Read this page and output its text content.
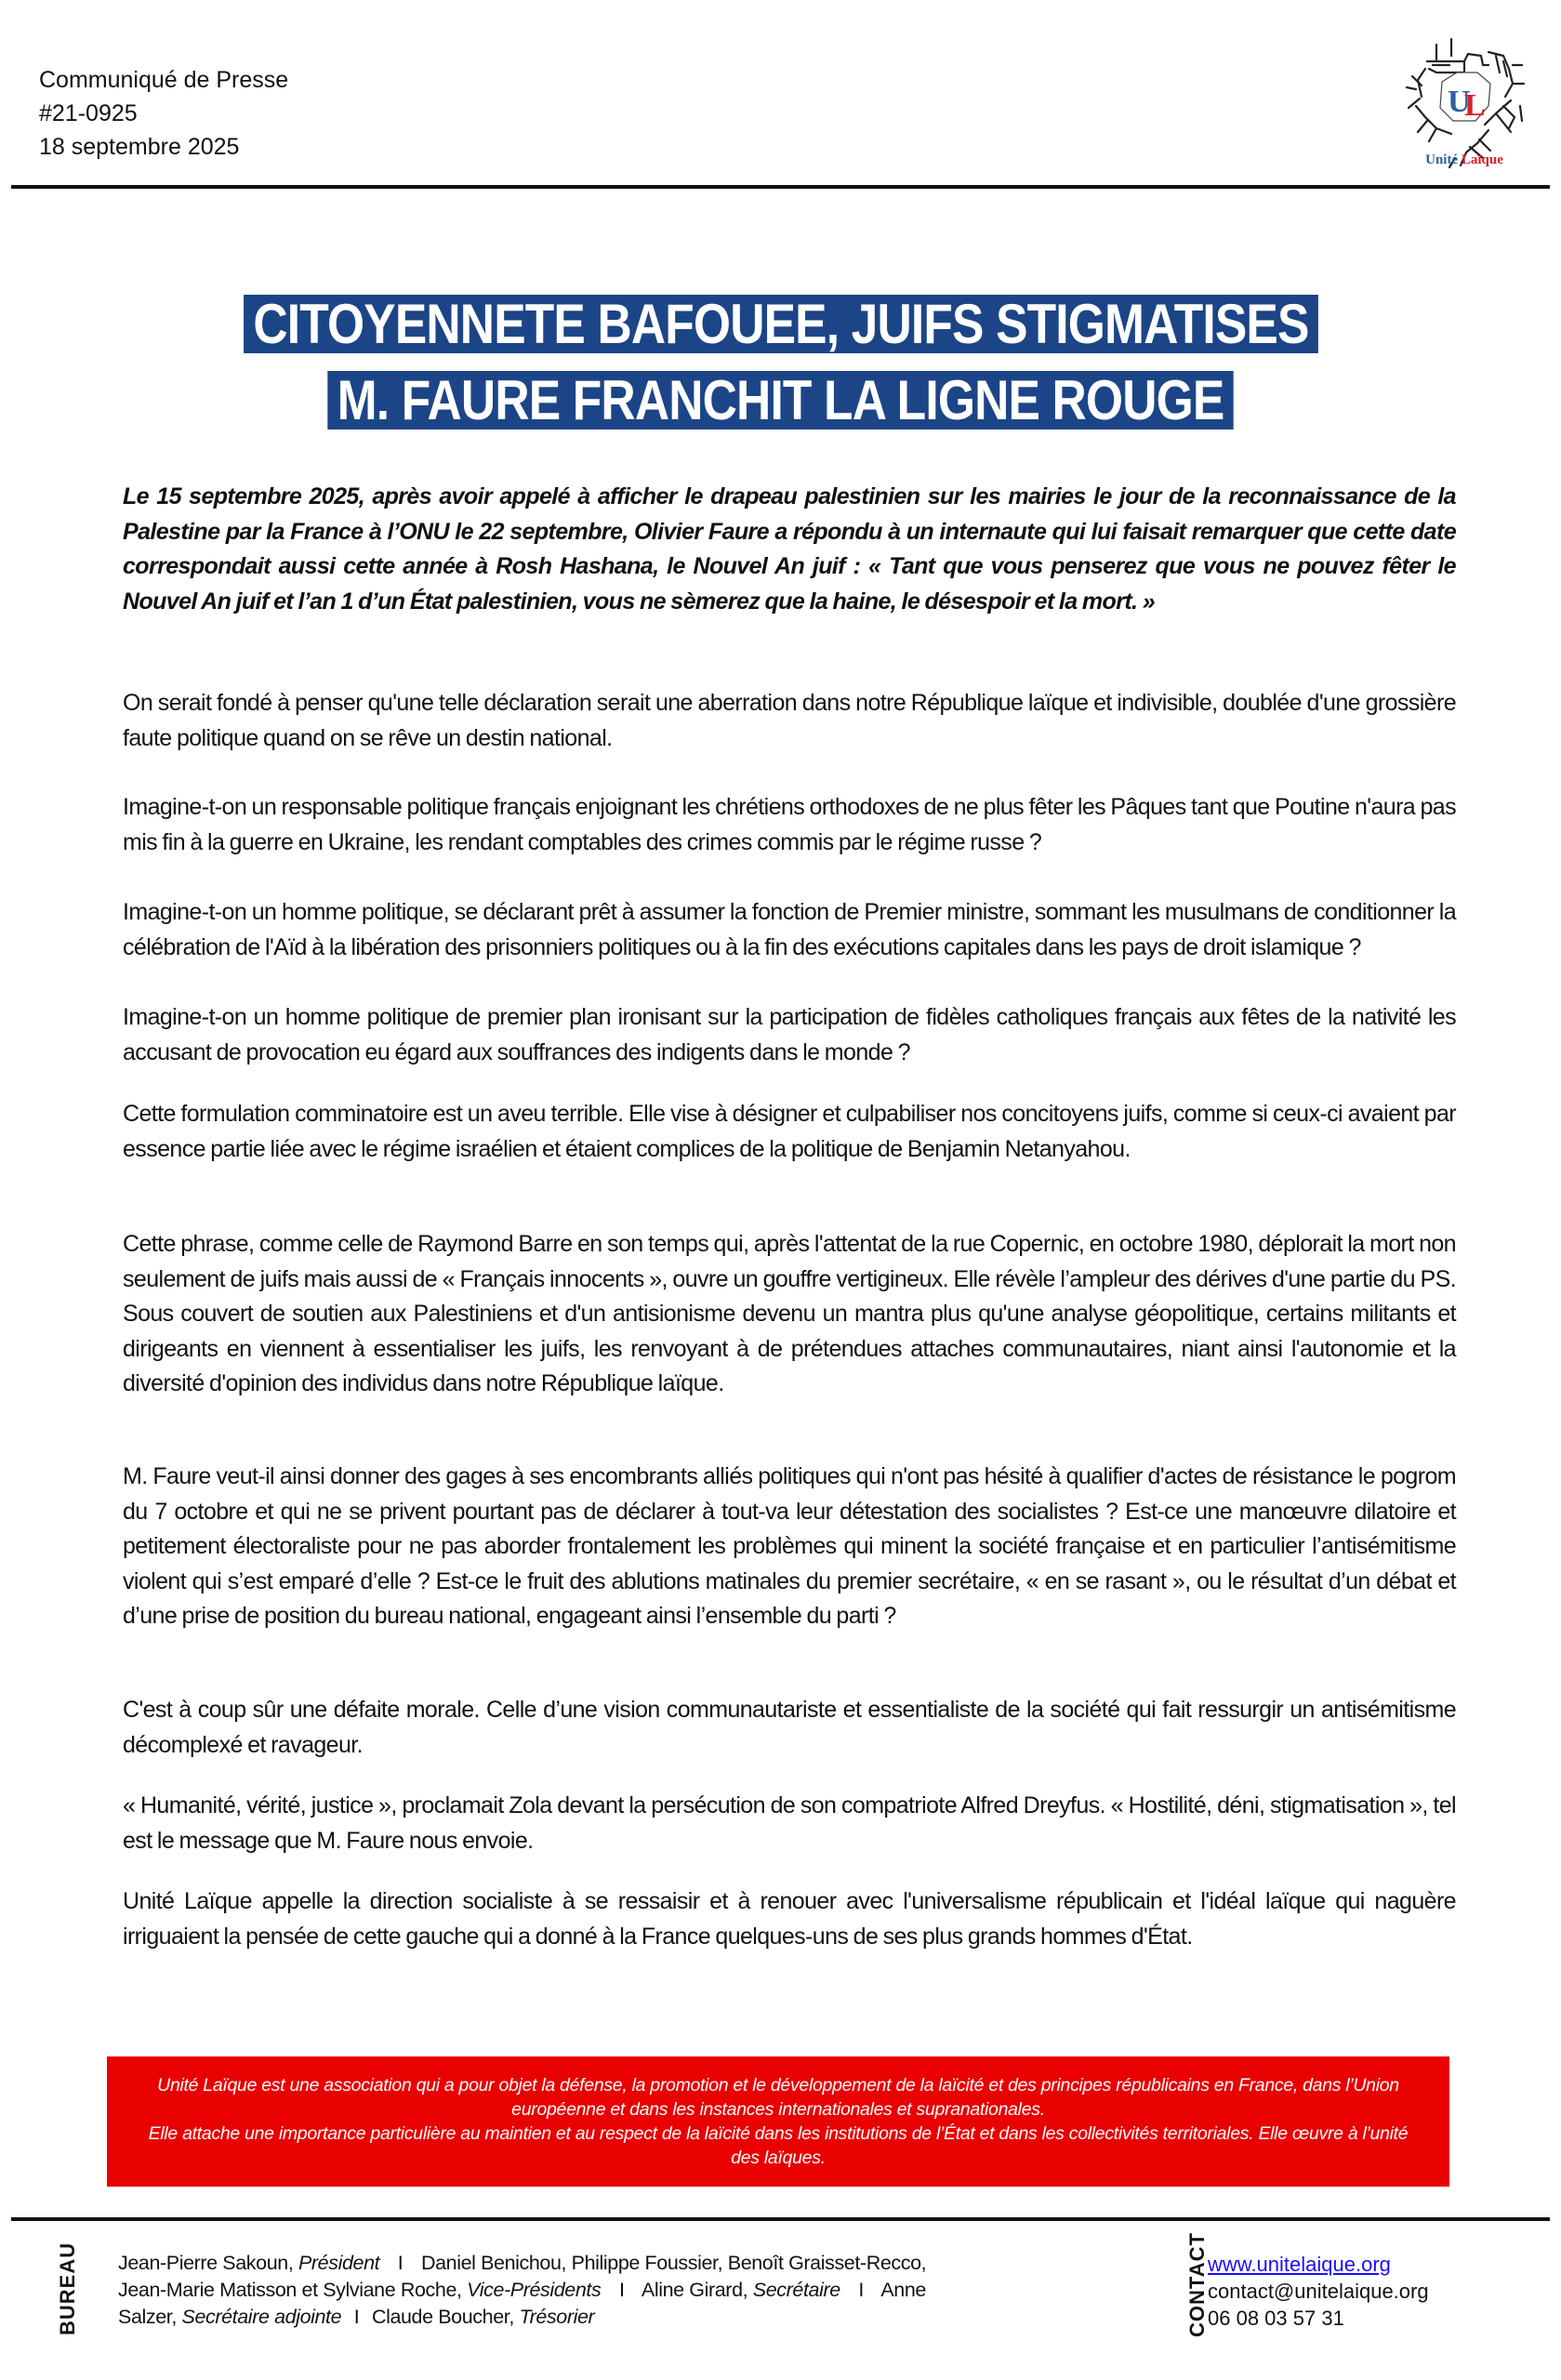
Communiqué de Presse
#21-0925
18 septembre 2025
U
L
Unité Laïque
CITOYENNETE BAFOUEE, JUIFS STIGMATISES
M. FAURE FRANCHIT LA LIGNE ROUGE

Le 15 septembre 2025, après avoir appelé à afficher le drapeau palestinien sur les mairies le jour de la reconnaissance de la Palestine par la France à l’ONU le 22 septembre, Olivier Faure a répondu à un internaute qui lui faisait remarquer que cette date correspondait aussi cette année à Rosh Hashana, le Nouvel An juif : « Tant que vous penserez que vous ne pouvez fêter le Nouvel An juif et l’an 1 d’un État palestinien, vous ne sèmerez que la haine, le désespoir et la mort. »

On serait fondé à penser qu'une telle déclaration serait une aberration dans notre République laïque et indivisible, doublée d'une grossière faute politique quand on se rêve un destin national.

Imagine-t-on un responsable politique français enjoignant les chrétiens orthodoxes de ne plus fêter les Pâques tant que Poutine n'aura pas mis fin à la guerre en Ukraine, les rendant comptables des crimes commis par le régime russe ?

Imagine-t-on un homme politique, se déclarant prêt à assumer la fonction de Premier ministre, sommant les musulmans de conditionner la célébration de l'Aïd à la libération des prisonniers politiques ou à la fin des exécutions capitales dans les pays de droit islamique ?

Imagine-t-on un homme politique de premier plan ironisant sur la participation de fidèles catholiques français aux fêtes de la nativité les accusant de provocation eu égard aux souffrances des indigents dans le monde ?

Cette formulation comminatoire est un aveu terrible. Elle vise à désigner et culpabiliser nos concitoyens juifs, comme si ceux-ci avaient par essence partie liée avec le régime israélien et étaient complices de la politique de Benjamin Netanyahou.

Cette phrase, comme celle de Raymond Barre en son temps qui, après l'attentat de la rue Copernic, en octobre 1980, déplorait la mort non seulement de juifs mais aussi de « Français innocents », ouvre un gouffre vertigineux. Elle révèle l’ampleur des dérives d'une partie du PS. Sous couvert de soutien aux Palestiniens et d'un antisionisme devenu un mantra plus qu'une analyse géopolitique, certains militants et dirigeants en viennent à essentialiser les juifs, les renvoyant à de prétendues attaches communautaires, niant ainsi l'autonomie et la diversité d'opinion des individus dans notre République laïque.

M. Faure veut-il ainsi donner des gages à ses encombrants alliés politiques qui n'ont pas hésité à qualifier d'actes de résistance le pogrom du 7 octobre et qui ne se privent pourtant pas de déclarer à tout-va leur détestation des socialistes ? Est-ce une manœuvre dilatoire et petitement électoraliste pour ne pas aborder frontalement les problèmes qui minent la société française et en particulier l’antisémitisme violent qui s’est emparé d’elle ? Est-ce le fruit des ablutions matinales du premier secrétaire, « en se rasant », ou le résultat d’un débat et d’une prise de position du bureau national, engageant ainsi l’ensemble du parti ?

C'est à coup sûr une défaite morale. Celle d’une vision communautariste et essentialiste de la société qui fait ressurgir un antisémitisme décomplexé et ravageur.

« Humanité, vérité, justice », proclamait Zola devant la persécution de son compatriote Alfred Dreyfus. « Hostilité, déni, stigmatisation », tel est le message que M. Faure nous envoie.

Unité Laïque appelle la direction socialiste à se ressaisir et à renouer avec l'universalisme républicain et l'idéal laïque qui naguère irriguaient la pensée de cette gauche qui a donné à la France quelques-uns de ses plus grands hommes d'État.

Unité Laïque est une association qui a pour objet la défense, la promotion et le développement de la laïcité et des principes républicains en France, dans l’Union européenne et dans les instances internationales et supranationales.

Elle attache une importance particulière au maintien et au respect de la laïcité dans les institutions de l’État et dans les collectivités territoriales. Elle œuvre à l’unité des laïques.

BUREAU Jean-Pierre Sakoun, Président I Daniel Benichou, Philippe Foussier, Benoît Graisset-Recco, Jean-Marie Matisson et Sylviane Roche, Vice-Présidents I Aline Girard, Secrétaire I Anne Salzer, Secrétaire adjointe I Claude Boucher, Trésorier	CONTACT www.unitelaique.org
contact@unitelaique.org
06 08 03 57 31
